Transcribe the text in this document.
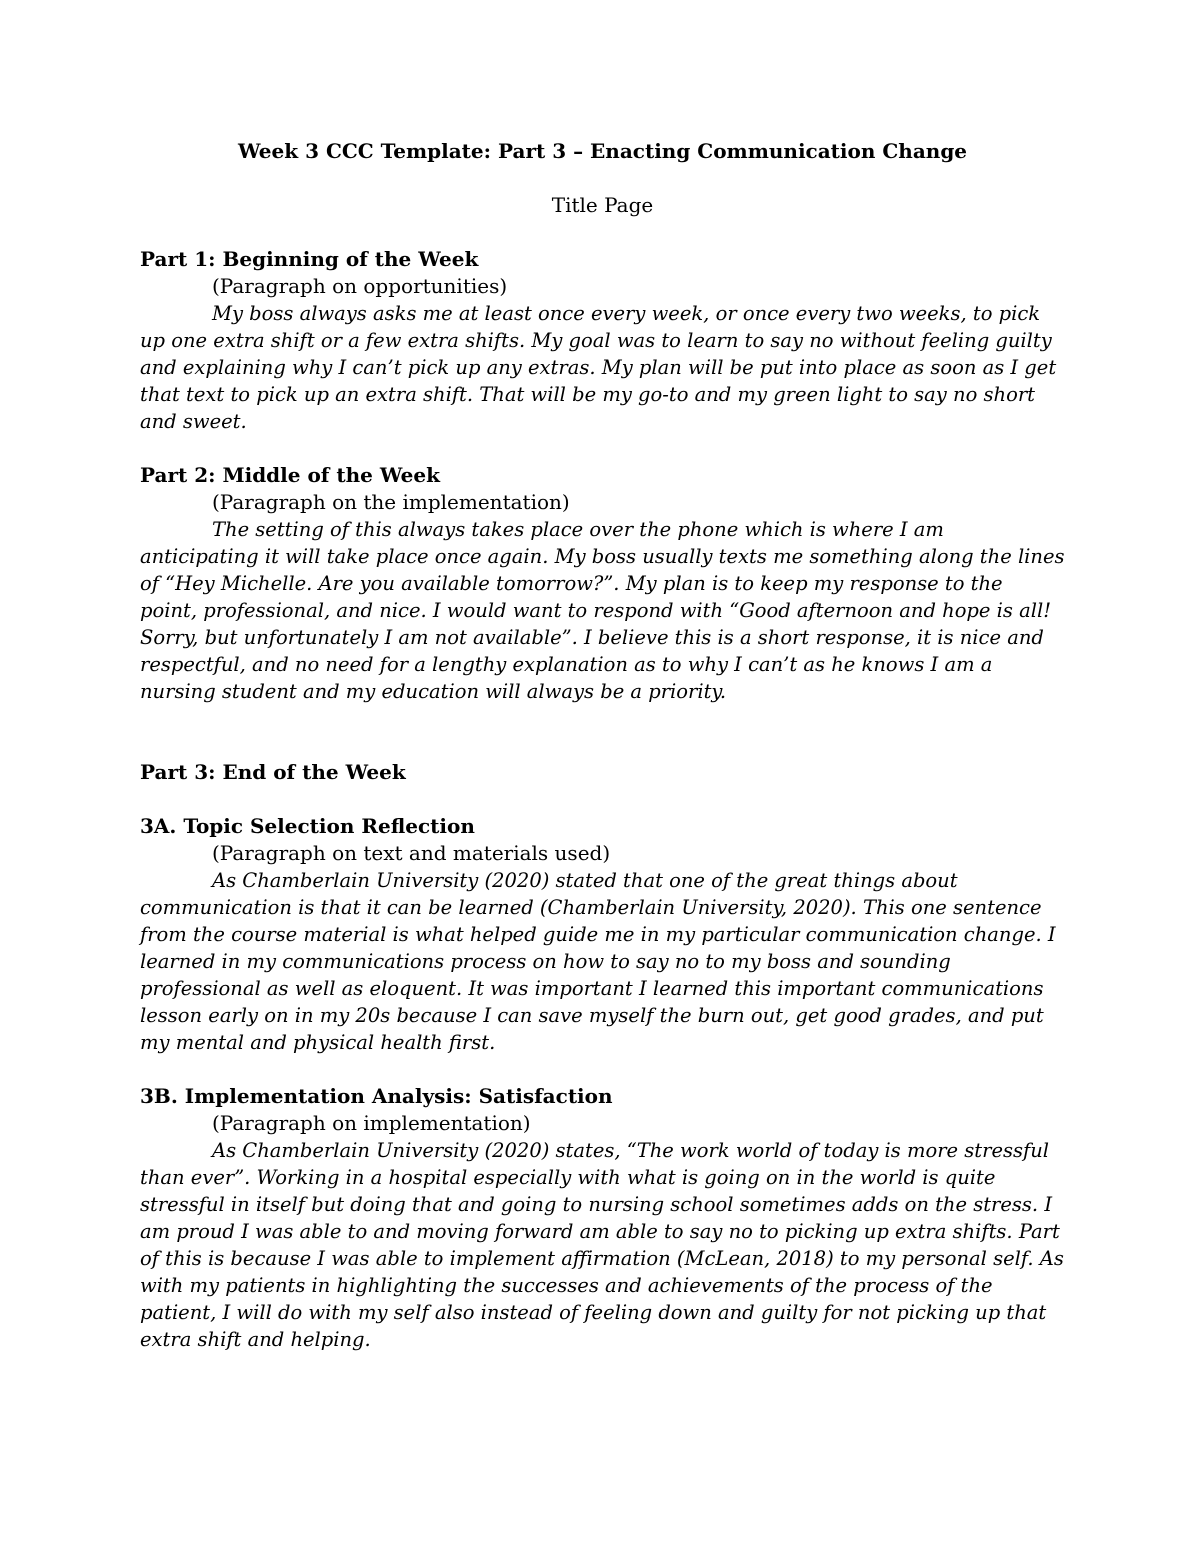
Week 3 CCC Template: Part 3 – Enacting Communication Change

Title Page

Part 1: Beginning of the Week

(Paragraph on opportunities)

My boss always asks me at least once every week, or once every two weeks, to pick up one extra shift or a few extra shifts. My goal was to learn to say no without feeling guilty and explaining why I can’t pick up any extras. My plan will be put into place as soon as I get that text to pick up an extra shift. That will be my go-to and my green light to say no short and sweet.

Part 2: Middle of the Week

(Paragraph on the implementation)

The setting of this always takes place over the phone which is where I am anticipating it will take place once again. My boss usually texts me something along the lines of “Hey Michelle. Are you available tomorrow?”. My plan is to keep my response to the point, professional, and nice. I would want to respond with “Good afternoon and hope is all! Sorry, but unfortunately I am not available”. I believe this is a short response, it is nice and respectful, and no need for a lengthy explanation as to why I can’t as he knows I am a nursing student and my education will always be a priority.

Part 3: End of the Week

3A. Topic Selection Reflection

(Paragraph on text and materials used)

As Chamberlain University (2020) stated that one of the great things about communication is that it can be learned (Chamberlain University, 2020). This one sentence from the course material is what helped guide me in my particular communication change. I learned in my communications process on how to say no to my boss and sounding professional as well as eloquent. It was important I learned this important communications lesson early on in my 20s because I can save myself the burn out, get good grades, and put my mental and physical health first.

3B. Implementation Analysis: Satisfaction

(Paragraph on implementation)

As Chamberlain University (2020) states, “The work world of today is more stressful than ever”. Working in a hospital especially with what is going on in the world is quite stressful in itself but doing that and going to nursing school sometimes adds on the stress. I am proud I was able to and moving forward am able to say no to picking up extra shifts. Part of this is because I was able to implement affirmation (McLean, 2018) to my personal self. As with my patients in highlighting the successes and achievements of the process of the patient, I will do with my self also instead of feeling down and guilty for not picking up that extra shift and helping.
